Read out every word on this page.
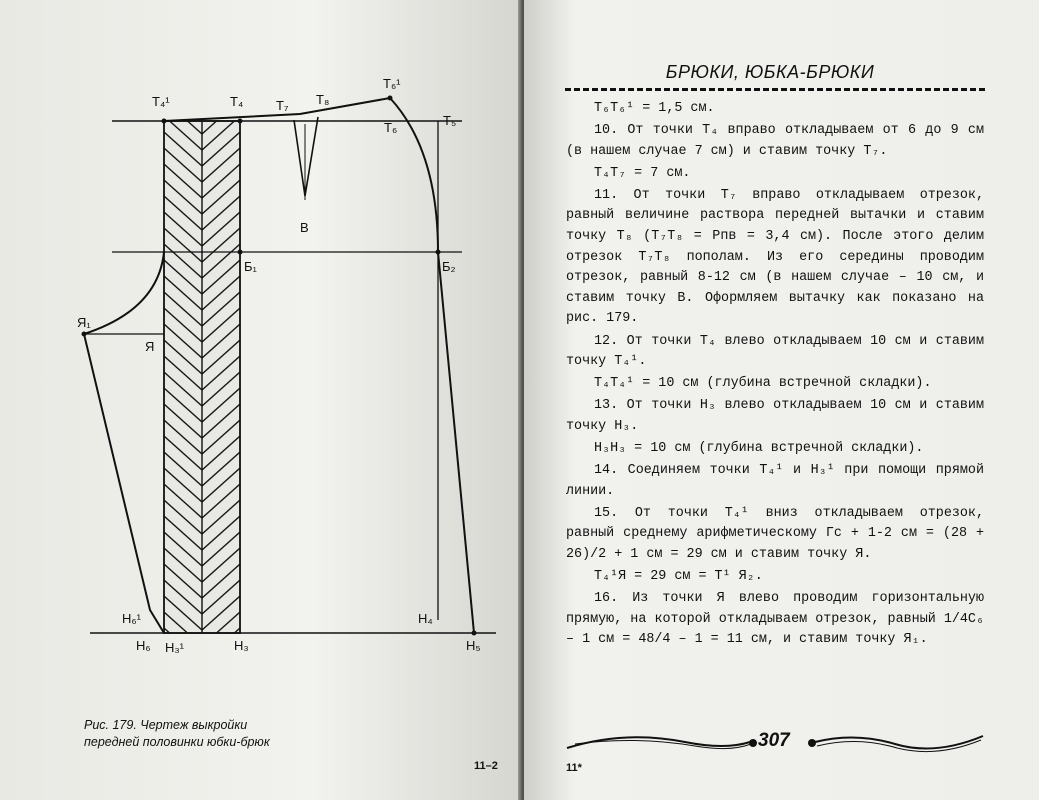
T₄¹	T₄	T₇ T₈
T₆¹
T₅
T₆
В
Б₁	Б₂
Я₁
Я
Н₆¹	Н₄
Н₆ Н₃¹	Н₃	Н₅
Рис. 179. Чертеж выкройки
передней половинки юбки-брюк
11–2
БРЮКИ, ЮБКА-БРЮКИ

Т₆Т₆¹ = 1,5 см.

10. От точки Т₄ вправо откладываем от 6 до 9 см (в нашем случае 7 см) и ставим точку Т₇.

Т₄Т₇ = 7 см.

11. От точки Т₇ вправо откладываем отрезок, равный величине раствора передней вытачки и ставим точку Т₈ (Т₇Т₈ = Рпв = 3,4 см). После этого делим отрезок Т₇Т₈ пополам. Из его середины проводим отрезок, равный 8-12 см (в нашем случае – 10 см, и ставим точку В. Оформляем вытачку как показано на рис. 179.

12. От точки Т₄ влево откладываем 10 см и ставим точку Т₄¹.

Т₄Т₄¹ = 10 см (глубина встречной складки).

13. От точки Н₃ влево откладываем 10 см и ставим точку Н₃.

Н₃Н₃ = 10 см (глубина встречной складки).

14. Соединяем точки Т₄¹ и Н₃¹ при помощи прямой линии.

15. От точки Т₄¹ вниз откладываем отрезок, равный среднему арифметическому Гс + 1-2 см = (28 + 26)/2 + 1 см = 29 см и ставим точку Я.

Т₄¹Я = 29 см = Т¹ Я₂.

16. Из точки Я влево проводим горизонтальную прямую, на которой откладываем отрезок, равный 1/4С₆ – 1 см = 48/4 – 1 = 11 см, и ставим точку Я₁.

307
11*
